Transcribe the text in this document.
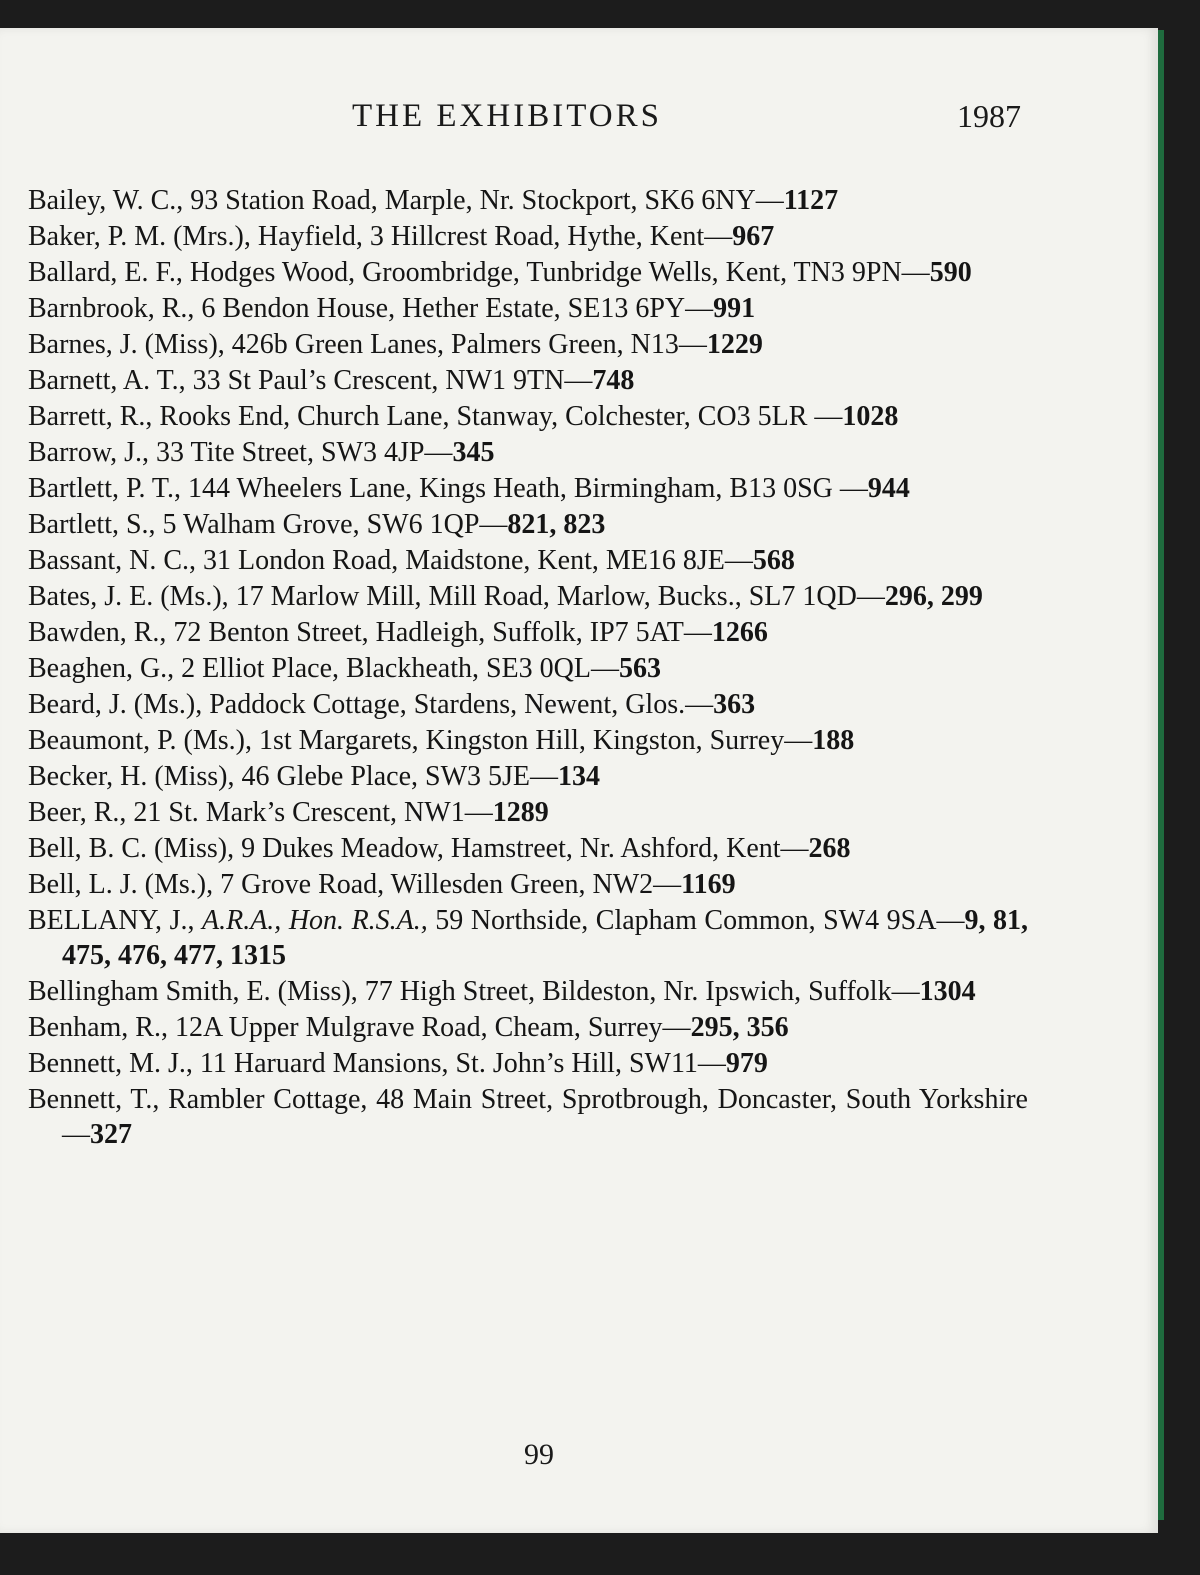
THE EXHIBITORS	1987

Bailey, W. C., 93 Station Road, Marple, Nr. Stockport, SK6 6NY—1127

Baker, P. M. (Mrs.), Hayfield, 3 Hillcrest Road, Hythe, Kent—967

Ballard, E. F., Hodges Wood, Groombridge, Tunbridge Wells, Kent, TN3 9PN—590

Barnbrook, R., 6 Bendon House, Hether Estate, SE13 6PY—991

Barnes, J. (Miss), 426b Green Lanes, Palmers Green, N13—1229

Barnett, A. T., 33 St Paul’s Crescent, NW1 9TN—748

Barrett, R., Rooks End, Church Lane, Stanway, Colchester, CO3 5LR —1028

Barrow, J., 33 Tite Street, SW3 4JP—345

Bartlett, P. T., 144 Wheelers Lane, Kings Heath, Birmingham, B13 0SG —944

Bartlett, S., 5 Walham Grove, SW6 1QP—821, 823

Bassant, N. C., 31 London Road, Maidstone, Kent, ME16 8JE—568

Bates, J. E. (Ms.), 17 Marlow Mill, Mill Road, Marlow, Bucks., SL7 1QD—296, 299

Bawden, R., 72 Benton Street, Hadleigh, Suffolk, IP7 5AT—1266

Beaghen, G., 2 Elliot Place, Blackheath, SE3 0QL—563

Beard, J. (Ms.), Paddock Cottage, Stardens, Newent, Glos.—363

Beaumont, P. (Ms.), 1st Margarets, Kingston Hill, Kingston, Surrey—188

Becker, H. (Miss), 46 Glebe Place, SW3 5JE—134

Beer, R., 21 St. Mark’s Crescent, NW1—1289

Bell, B. C. (Miss), 9 Dukes Meadow, Hamstreet, Nr. Ashford, Kent—268

Bell, L. J. (Ms.), 7 Grove Road, Willesden Green, NW2—1169

BELLANY, J., A.R.A., Hon. R.S.A., 59 Northside, Clapham Common, SW4 9SA—9, 81, 475, 476, 477, 1315

Bellingham Smith, E. (Miss), 77 High Street, Bildeston, Nr. Ipswich, Suffolk—1304

Benham, R., 12A Upper Mulgrave Road, Cheam, Surrey—295, 356

Bennett, M. J., 11 Haruard Mansions, St. John’s Hill, SW11—979

Bennett, T., Rambler Cottage, 48 Main Street, Sprotbrough, Doncaster, South Yorkshire—327

99
